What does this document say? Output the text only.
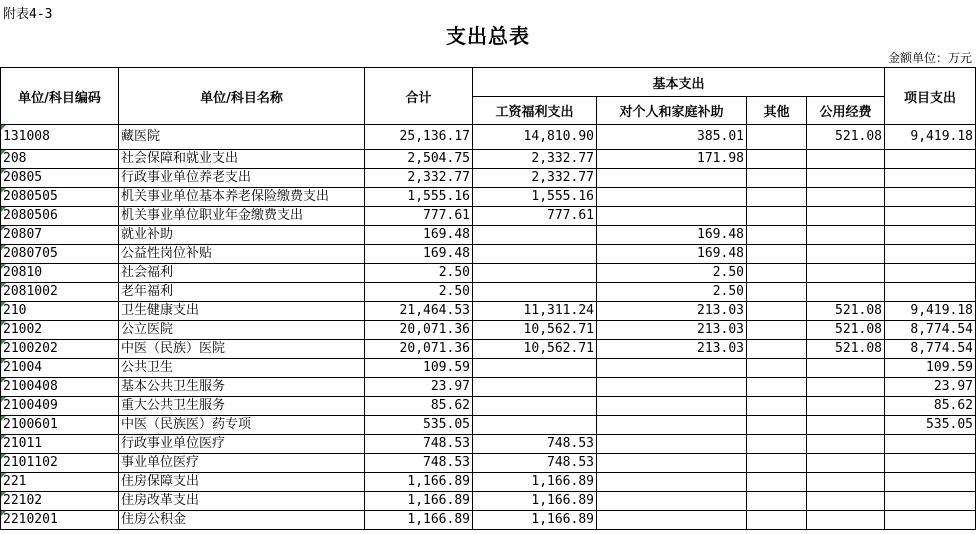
附表4-3
支出总表
金额单位：万元
单位/科目编码	单位/科目名称	合计	基本支出				项目支出
			工资福利支出	对个人和家庭补助	其他	公用经费	
131008	藏医院	25,136.17	14,810.90	385.01		521.08	9,419.18
208	社会保障和就业支出	2,504.75	2,332.77	171.98			
20805	行政事业单位养老支出	2,332.77	2,332.77				
2080505	机关事业单位基本养老保险缴费支出	1,555.16	1,555.16				
2080506	机关事业单位职业年金缴费支出	777.61	777.61				
20807	就业补助	169.48		169.48			
2080705	公益性岗位补贴	169.48		169.48			
20810	社会福利	2.50		2.50			
2081002	老年福利	2.50		2.50			
210	卫生健康支出	21,464.53	11,311.24	213.03		521.08	9,419.18
21002	公立医院	20,071.36	10,562.71	213.03		521.08	8,774.54
2100202	中医（民族）医院	20,071.36	10,562.71	213.03		521.08	8,774.54
21004	公共卫生	109.59					109.59
2100408	基本公共卫生服务	23.97					23.97
2100409	重大公共卫生服务	85.62					85.62
2100601	中医（民族医）药专项	535.05					535.05
21011	行政事业单位医疗	748.53	748.53				
2101102	事业单位医疗	748.53	748.53				
221	住房保障支出	1,166.89	1,166.89				
22102	住房改革支出	1,166.89	1,166.89				
2210201	住房公积金	1,166.89	1,166.89				
